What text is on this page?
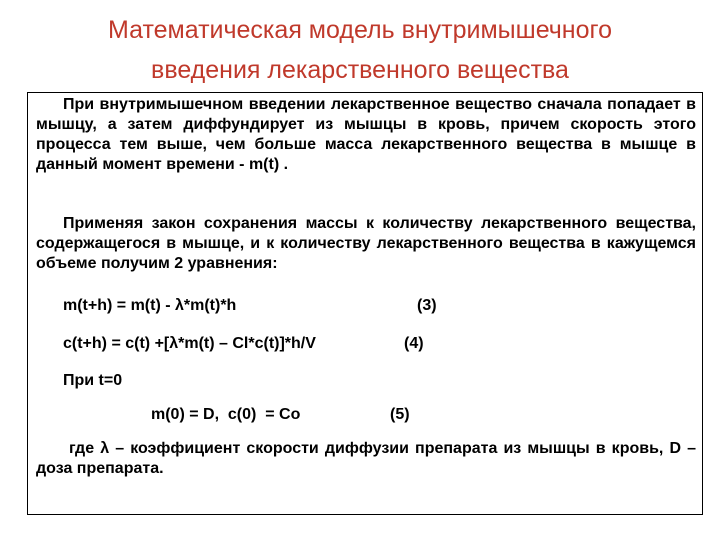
Математическая модель внутримышечного
введения лекарственного вещества

При внутримышечном введении лекарственное вещество сначала попадает в мышцу, а затем диффундирует из мышцы в кровь, причем скорость этого процесса тем выше, чем больше масса лекарственного вещества в мышце в данный момент времени - m(t) .

Применяя закон сохранения массы к количеству лекарственного вещества, содержащегося в мышце, и к количеству лекарственного вещества в кажущемся объеме получим 2 уравнения:

m(t+h) = m(t) - λ*m(t)*h	(3)
c(t+h) = c(t) +[λ*m(t) – Cl*c(t)]*h/V	(4)
При t=0
m(0) = D,  c(0)  = Co	(5)

где λ – коэффициент скорости диффузии препарата из мышцы в кровь, D – доза препарата.
